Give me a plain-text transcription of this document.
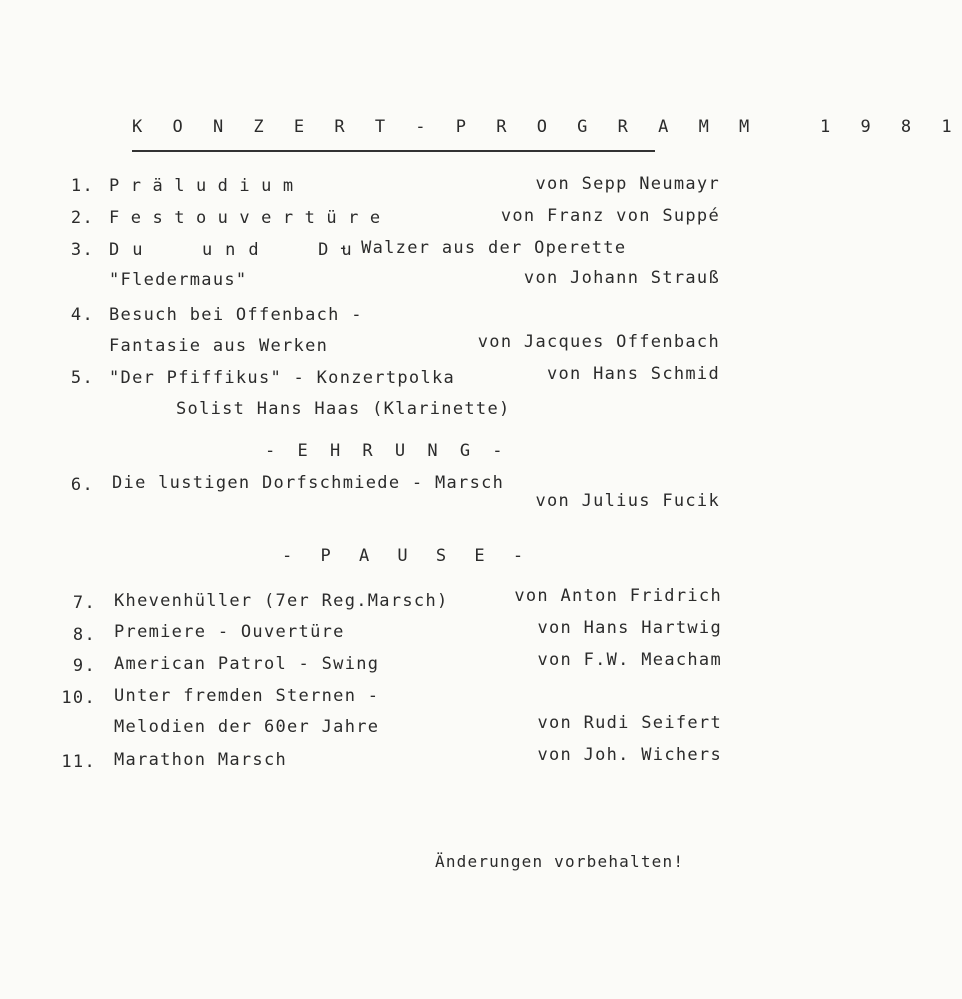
K O N Z E R T - P R O G R A M M   1 9 8 1
1. Präludium	von Sepp Neumayr
2. Festouvertüre	von Franz von Suppé
3. Du  und  Du
- Walzer aus der Operette
"Fledermaus"	von Johann Strauß
4. Besuch bei Offenbach -
Fantasie aus Werken	von Jacques Offenbach
5. "Der Pfiffikus" - Konzertpolka	von Hans Schmid
Solist Hans Haas (Klarinette)
- E H R U N G -
6. Die lustigen Dorfschmiede - Marsch
von Julius Fucik
- P A U S E -
7. Khevenhüller (7er Reg.Marsch)	von Anton Fridrich
8. Premiere - Ouvertüre	von Hans Hartwig
9. American Patrol - Swing	von F.W. Meacham
10. Unter fremden Sternen -
Melodien der 60er Jahre	von Rudi Seifert
11. Marathon Marsch	von Joh. Wichers
Änderungen vorbehalten!
